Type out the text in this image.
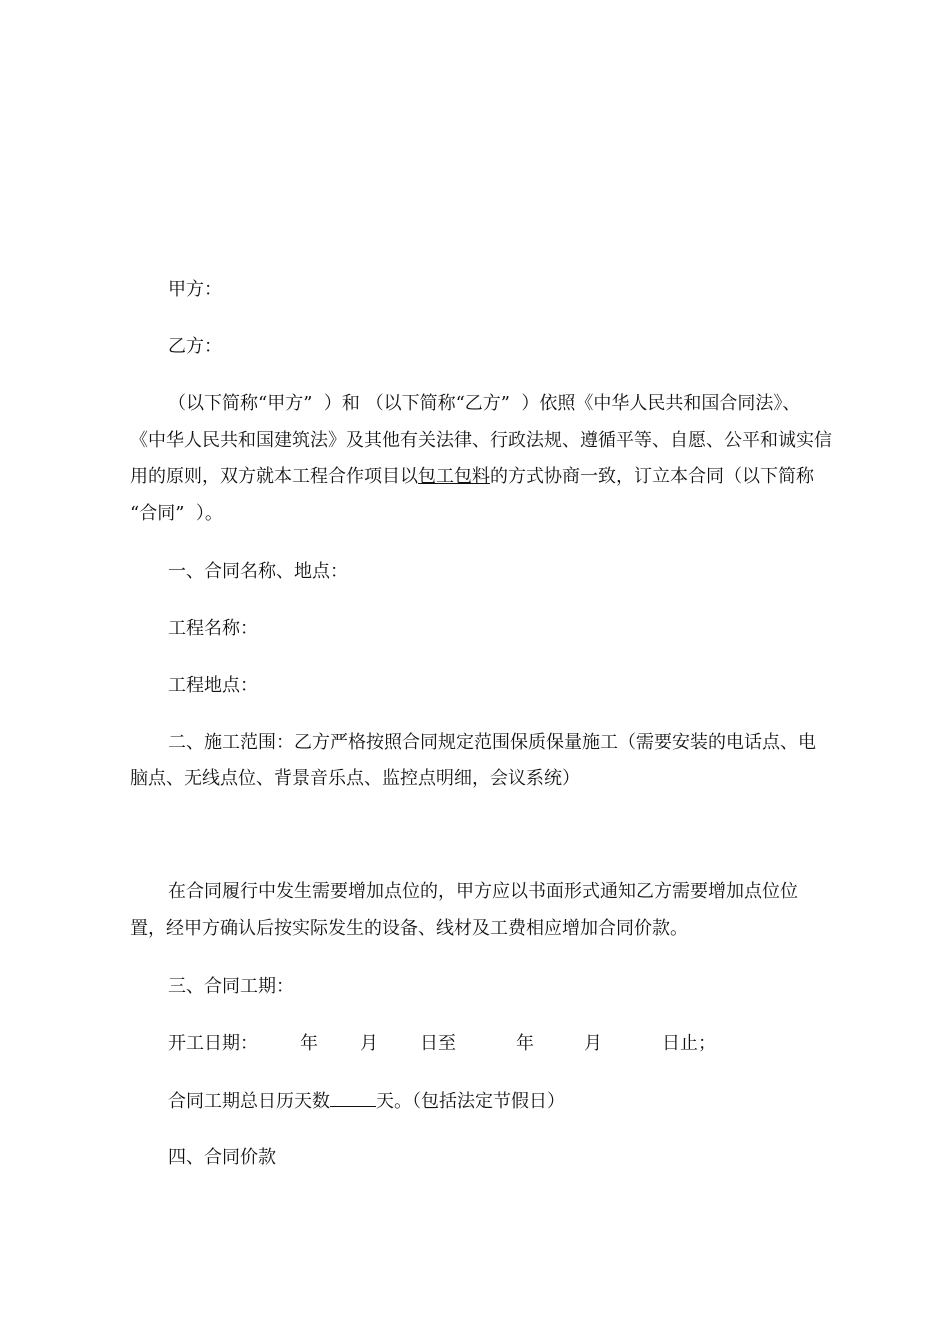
甲方：
乙方：
（以下简称“甲方”  ）和 （以下简称“乙方”  ）依照《中华人民共和国合同法》、
《中华人民共和国建筑法》及其他有关法律、行政法规、遵循平等、自愿、公平和诚实信
用的原则，双方就本工程合作项目以包工包料的方式协商一致，订立本合同（以下简称
“合同”  ）。
一、合同名称、地点：
工程名称：
工程地点：
二、施工范围：乙方严格按照合同规定范围保质保量施工（需要安装的电话点、电
脑点、无线点位、背景音乐点、监控点明细，会议系统）
在合同履行中发生需要增加点位的，甲方应以书面形式通知乙方需要增加点位位
置，经甲方确认后按实际发生的设备、线材及工费相应增加合同价款。
三、合同工期：
开工日期： 年 月 日至	年	月	日止；
合同工期总日历天数	天。（包括法定节假日）
四、合同价款
